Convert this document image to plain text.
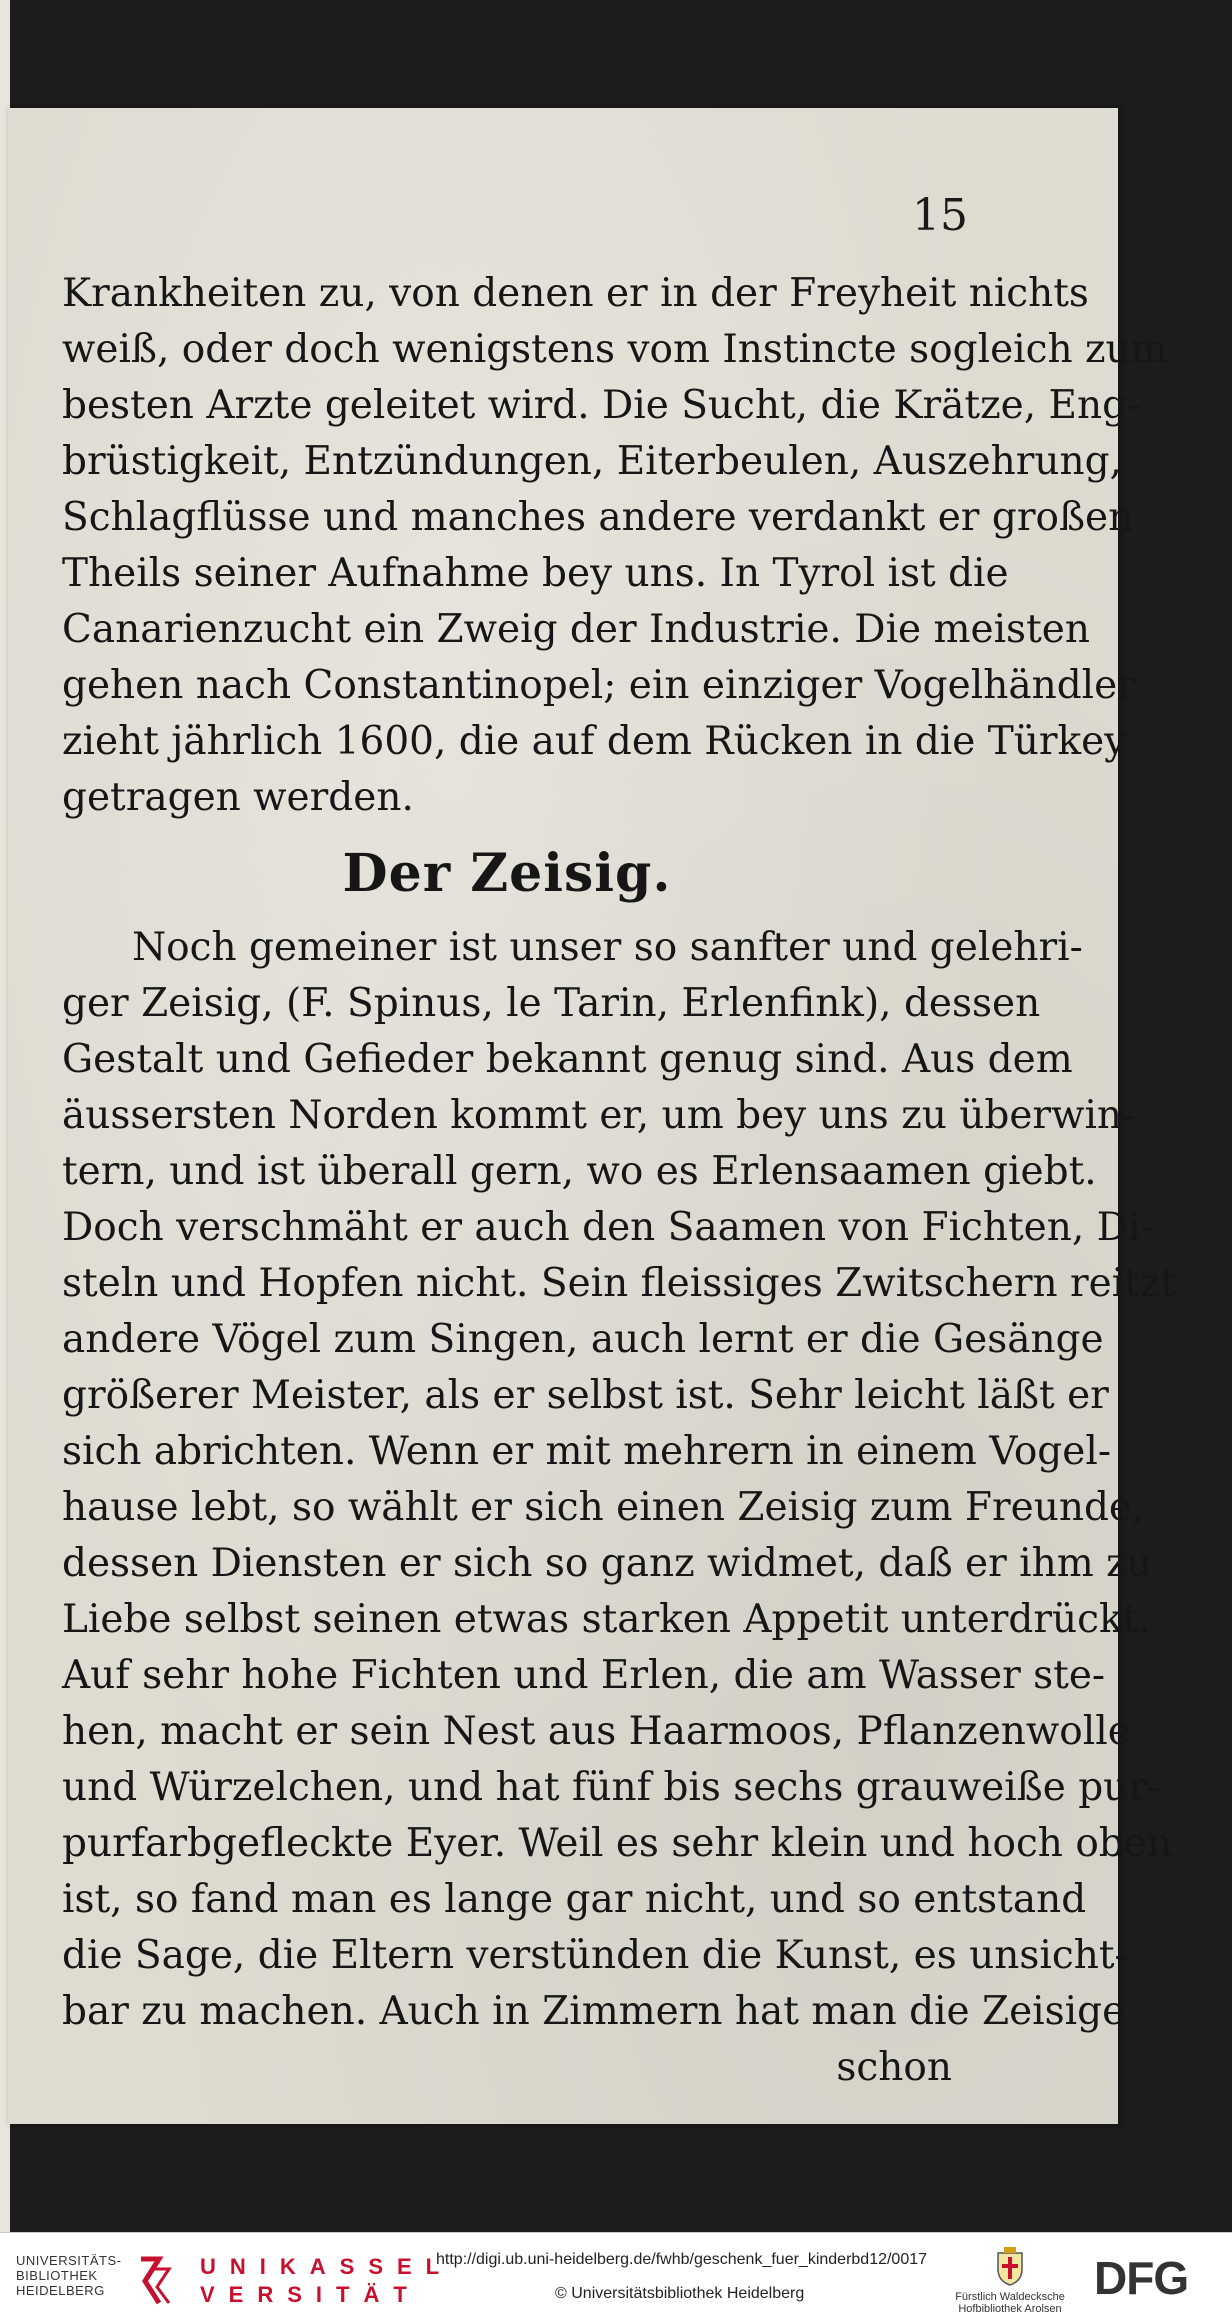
15
Krankheiten zu, von denen er in der Freyheit nichts
weiß, oder doch wenigstens vom Instincte sogleich zum
besten Arzte geleitet wird. Die Sucht, die Krätze, Eng-
brüstigkeit, Entzündungen, Eiterbeulen, Auszehrung,
Schlagflüsse und manches andere verdankt er großen
Theils seiner Aufnahme bey uns. In Tyrol ist die
Canarienzucht ein Zweig der Industrie. Die meisten
gehen nach Constantinopel; ein einziger Vogelhändler
zieht jährlich 1600, die auf dem Rücken in die Türkey
getragen werden.
Der Zeisig.
Noch gemeiner ist unser so sanfter und gelehri-
ger Zeisig, (F. Spinus, le Tarin, Erlenfink), dessen
Gestalt und Gefieder bekannt genug sind. Aus dem
äussersten Norden kommt er, um bey uns zu überwin-
tern, und ist überall gern, wo es Erlensaamen giebt.
Doch verschmäht er auch den Saamen von Fichten, Di-
steln und Hopfen nicht. Sein fleissiges Zwitschern reitzt
andere Vögel zum Singen, auch lernt er die Gesänge
größerer Meister, als er selbst ist. Sehr leicht läßt er
sich abrichten. Wenn er mit mehrern in einem Vogel-
hause lebt, so wählt er sich einen Zeisig zum Freunde,
dessen Diensten er sich so ganz widmet, daß er ihm zu
Liebe selbst seinen etwas starken Appetit unterdrückt.
Auf sehr hohe Fichten und Erlen, die am Wasser ste-
hen, macht er sein Nest aus Haarmoos, Pflanzenwolle
und Würzelchen, und hat fünf bis sechs grauweiße pur-
purfarbgefleckte Eyer. Weil es sehr klein und hoch oben
ist, so fand man es lange gar nicht, und so entstand
die Sage, die Eltern verstünden die Kunst, es unsicht-
bar zu machen. Auch in Zimmern hat man die Zeisige
schon
UNIVERSITÄTS-
BIBLIOTHEK
HEIDELBERG
UNIKASSEL
VERSITÄT
http://digi.ub.uni-heidelberg.de/fwhb/geschenk_fuer_kinderbd12/0017
© Universitätsbibliothek Heidelberg	Fürstlich Waldecksche
Hofbibliothek Arolsen
DFG
